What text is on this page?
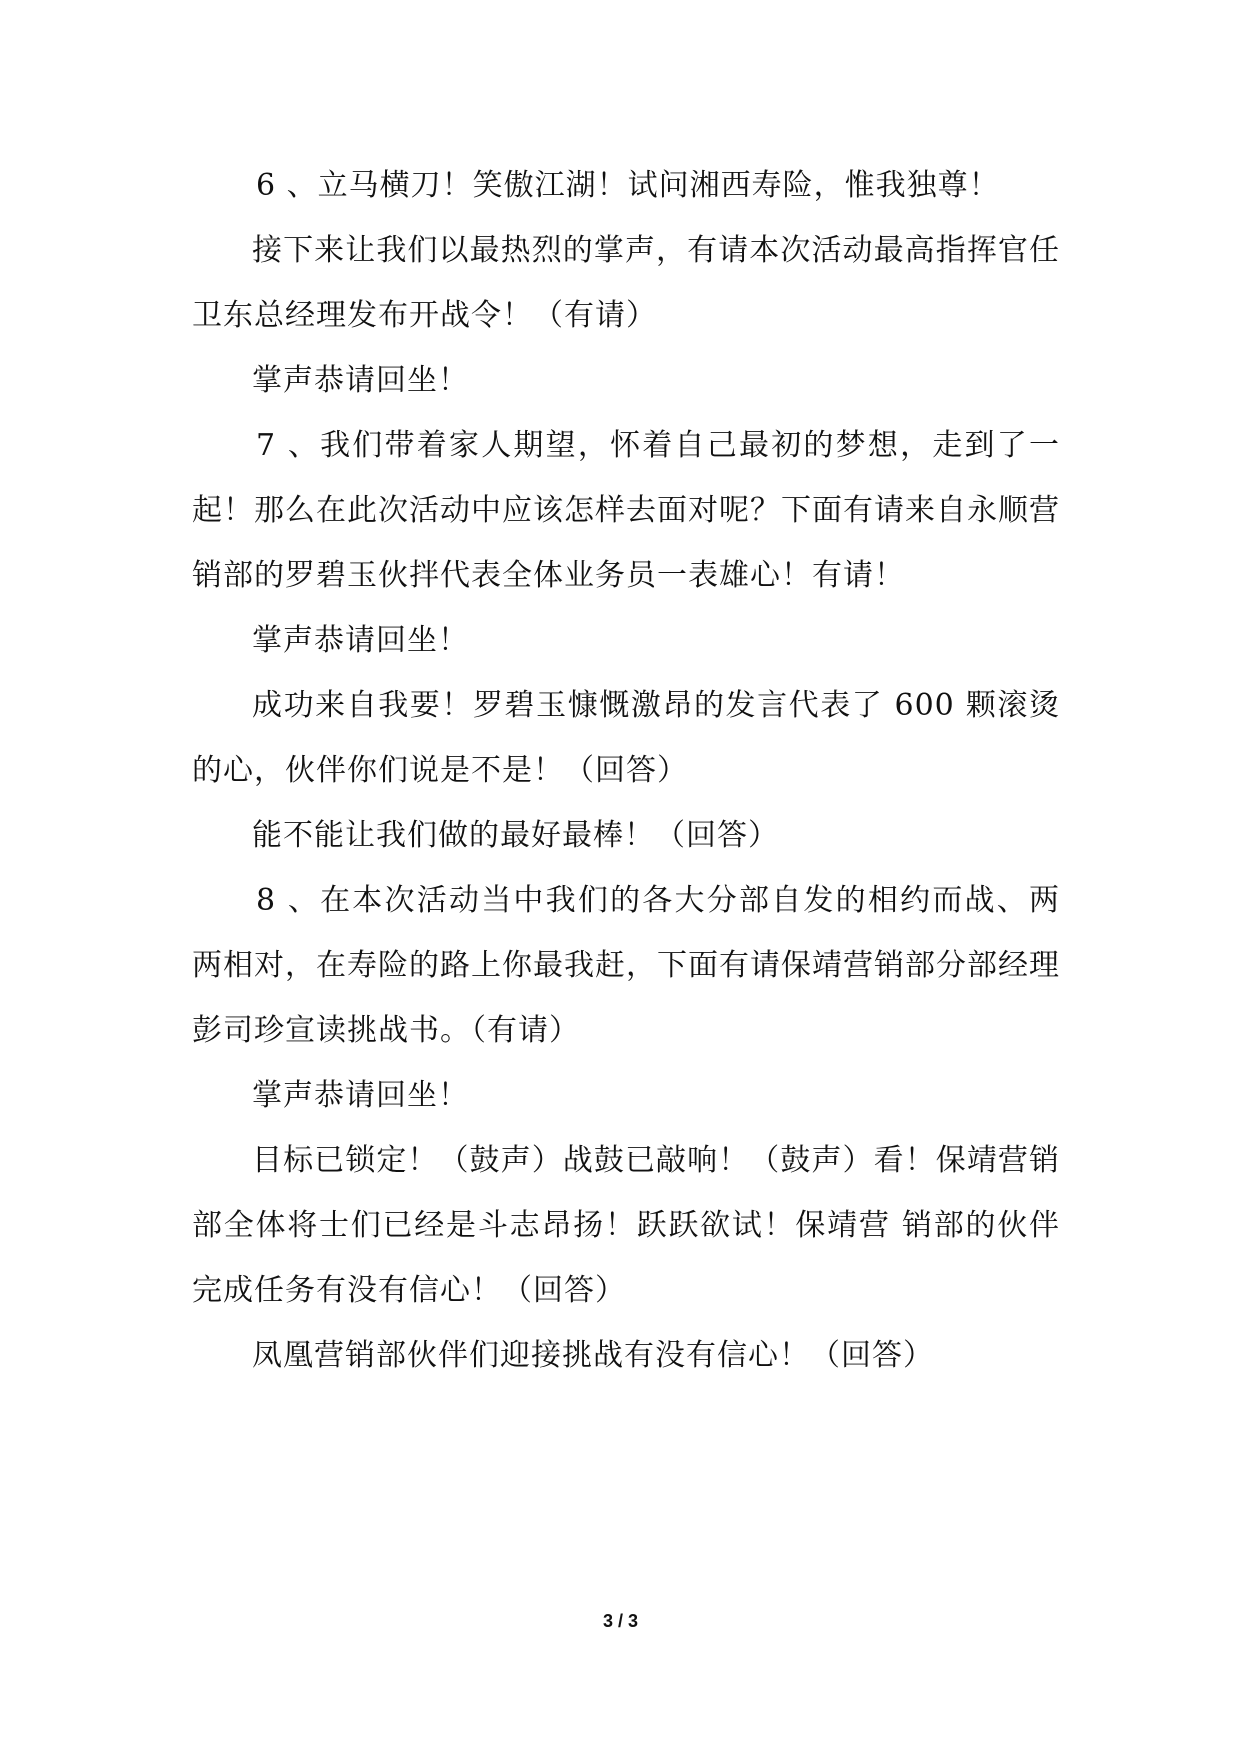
6 、立马横刀！笑傲江湖！试问湘西寿险，惟我独尊！

接下来让我们以最热烈的掌声，有请本次活动最高指挥官任卫东总经理发布开战令！（有请）

掌声恭请回坐！

7 、我们带着家人期望，怀着自己最初的梦想，走到了一起！那么在此次活动中应该怎样去面对呢？下面有请来自永顺营销部的罗碧玉伙拌代表全体业务员一表雄心！有请！

掌声恭请回坐！

成功来自我要！罗碧玉慷慨激昂的发言代表了 600 颗滚烫的心，伙伴你们说是不是！（回答）

能不能让我们做的最好最棒！（回答）

8 、在本次活动当中我们的各大分部自发的相约而战、两两相对，在寿险的路上你最我赶，下面有请保靖营销部分部经理彭司珍宣读挑战书。（有请）

掌声恭请回坐！

目标已锁定！（鼓声）战鼓已敲响！（鼓声）看！保靖营销部全体将士们已经是斗志昂扬！跃跃欲试！保靖营 销部的伙伴完成任务有没有信心！（回答）

凤凰营销部伙伴们迎接挑战有没有信心！（回答）

3 / 3
